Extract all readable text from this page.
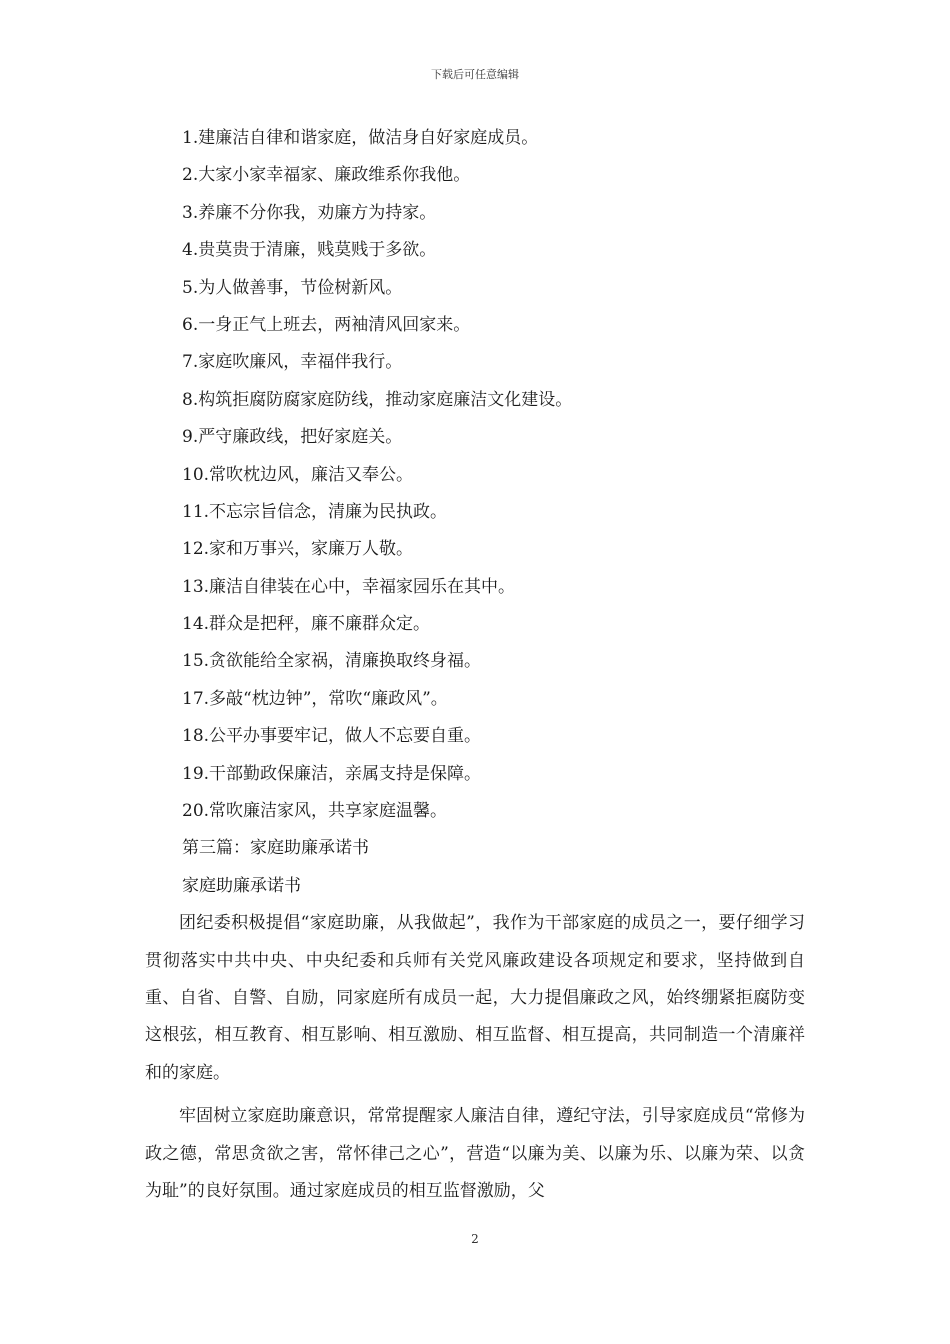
下载后可任意编辑
1.建廉洁自律和谐家庭，做洁身自好家庭成员。
2.大家小家幸福家、廉政维系你我他。
3.养廉不分你我，劝廉方为持家。
4.贵莫贵于清廉，贱莫贱于多欲。
5.为人做善事，节俭树新风。
6.一身正气上班去，两袖清风回家来。
7.家庭吹廉风，幸福伴我行。
8.构筑拒腐防腐家庭防线，推动家庭廉洁文化建设。
9.严守廉政线，把好家庭关。
10.常吹枕边风，廉洁又奉公。
11.不忘宗旨信念，清廉为民执政。
12.家和万事兴，家廉万人敬。
13.廉洁自律装在心中，幸福家园乐在其中。
14.群众是把秤，廉不廉群众定。
15.贪欲能给全家祸，清廉换取终身福。
17.多敲“枕边钟”，常吹“廉政风”。
18.公平办事要牢记，做人不忘要自重。
19.干部勤政保廉洁，亲属支持是保障。
20.常吹廉洁家风，共享家庭温馨。
第三篇：家庭助廉承诺书
家庭助廉承诺书

团纪委积极提倡“家庭助廉，从我做起”，我作为干部家庭的成员之一，要仔细学习贯彻落实中共中央、中央纪委和兵师有关党风廉政建设各项规定和要求，坚持做到自重、自省、自警、自励，同家庭所有成员一起，大力提倡廉政之风，始终绷紧拒腐防变这根弦，相互教育、相互影响、相互激励、相互监督、相互提高，共同制造一个清廉祥和的家庭。

牢固树立家庭助廉意识，常常提醒家人廉洁自律，遵纪守法，引导家庭成员“常修为政之德，常思贪欲之害，常怀律己之心”，营造“以廉为美、以廉为乐、以廉为荣、以贪为耻”的良好氛围。通过家庭成员的相互监督激励，父

2
